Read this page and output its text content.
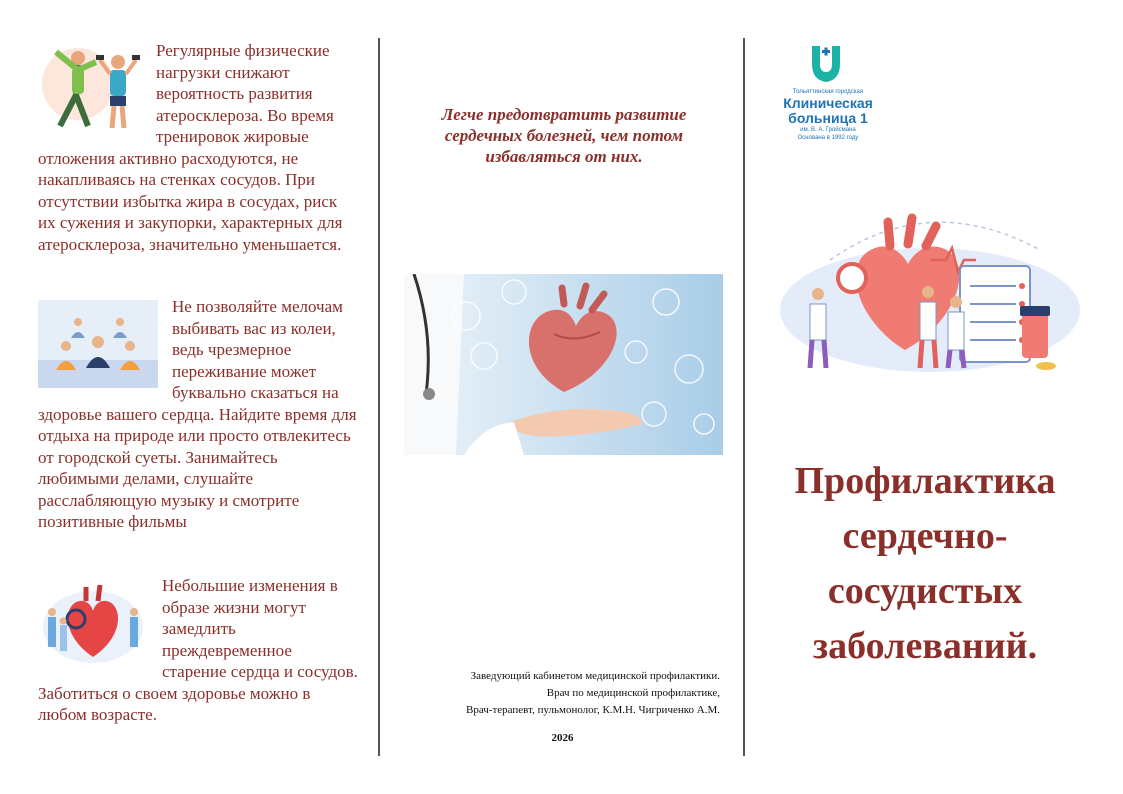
Регулярные физические нагрузки снижают вероятность развития атеросклероза. Во время тренировок жировые отложения активно расходуются, не накапливаясь на стенках сосудов. При отсутствии избытка жира в сосудах, риск их сужения и закупорки, характерных для атеросклероза, значительно уменьшается.
Не позволяйте мелочам выбивать вас из колеи, ведь чрезмерное переживание может буквально сказаться на здоровье вашего сердца. Найдите время для отдыха на природе или просто отвлекитесь от городской суеты. Занимайтесь любимыми делами, слушайте расслабляющую музыку и смотрите позитивные фильмы
Небольшие изменения в образе жизни могут замедлить преждевременное старение сердца и сосудов. Заботиться о своем здоровье можно в любом возрасте.
Легче предотвратить развитие сердечных болезней, чем потом избавляться от них.
Заведующий кабинетом медицинской профилактики.
Врач по медицинской профилактике,
Врач-терапевт, пульмонолог, К.М.Н. Чигриченко А.М.
2026
Тольяттинская городская
Клиническая
больница 1
им. В. А. Гройсмана
Основана в 1992 году
Профилактика
сердечно-
сосудистых
заболеваний.
